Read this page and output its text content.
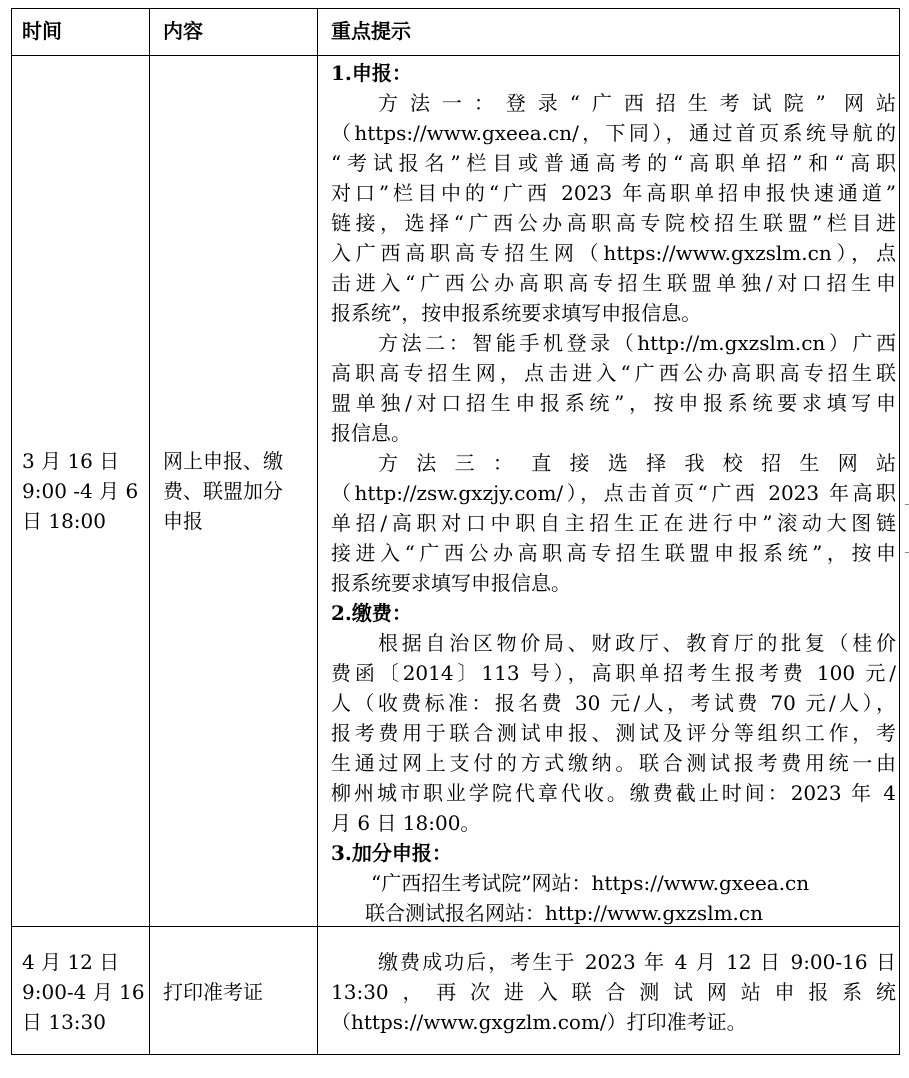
时间	内容	重点提示
3 月 16 日
9:00 -4 月 6
日 18:00
网上申报、缴
费、联盟加分
申报
1.申报：
方法一：登录“广西招生考试院” 网站
（https://www.gxeea.cn/，下同），通过首页系统导航的
“考试报名”栏目或普通高考的“高职单招”和“高职
对口”栏目中的“广西 2023 年高职单招申报快速通道”
链接，选择“广西公办高职高专院校招生联盟”栏目进
入广西高职高专招生网（https://www.gxzslm.cn），点
击进入“广西公办高职高专招生联盟单独/对口招生申
报系统”，按申报系统要求填写申报信息。
方法二：智能手机登录（http://m.gxzslm.cn）广西
高职高专招生网，点击进入“广西公办高职高专招生联
盟单独/对口招生申报系统”，按申报系统要求填写申
报信息。
方法三：直接选择我校招生网站
（http://zsw.gxzjy.com/），点击首页“广西 2023 年高职
单招/高职对口中职自主招生正在进行中”滚动大图链
接进入“广西公办高职高专招生联盟申报系统”，按申
报系统要求填写申报信息。
2.缴费：
根据自治区物价局、财政厅、教育厅的批复（桂价
费函〔2014〕113 号），高职单招考生报考费 100 元/
人（收费标准：报名费 30 元/人，考试费 70 元/人），
报考费用于联合测试申报、测试及评分等组织工作，考
生通过网上支付的方式缴纳。联合测试报考费用统一由
柳州城市职业学院代章代收。缴费截止时间：2023 年 4
月 6 日 18:00。
3.加分申报：
“广西招生考试院”网站：https://www.gxeea.cn
联合测试报名网站：http://www.gxzslm.cn
4 月 12 日
9:00-4 月 16
日 13:30
打印准考证
缴费成功后，考生于 2023 年 4 月 12 日 9:00-16 日
13:30，再次进入联合测试网站申报系统
（https://www.gxgzlm.com/）打印准考证。
